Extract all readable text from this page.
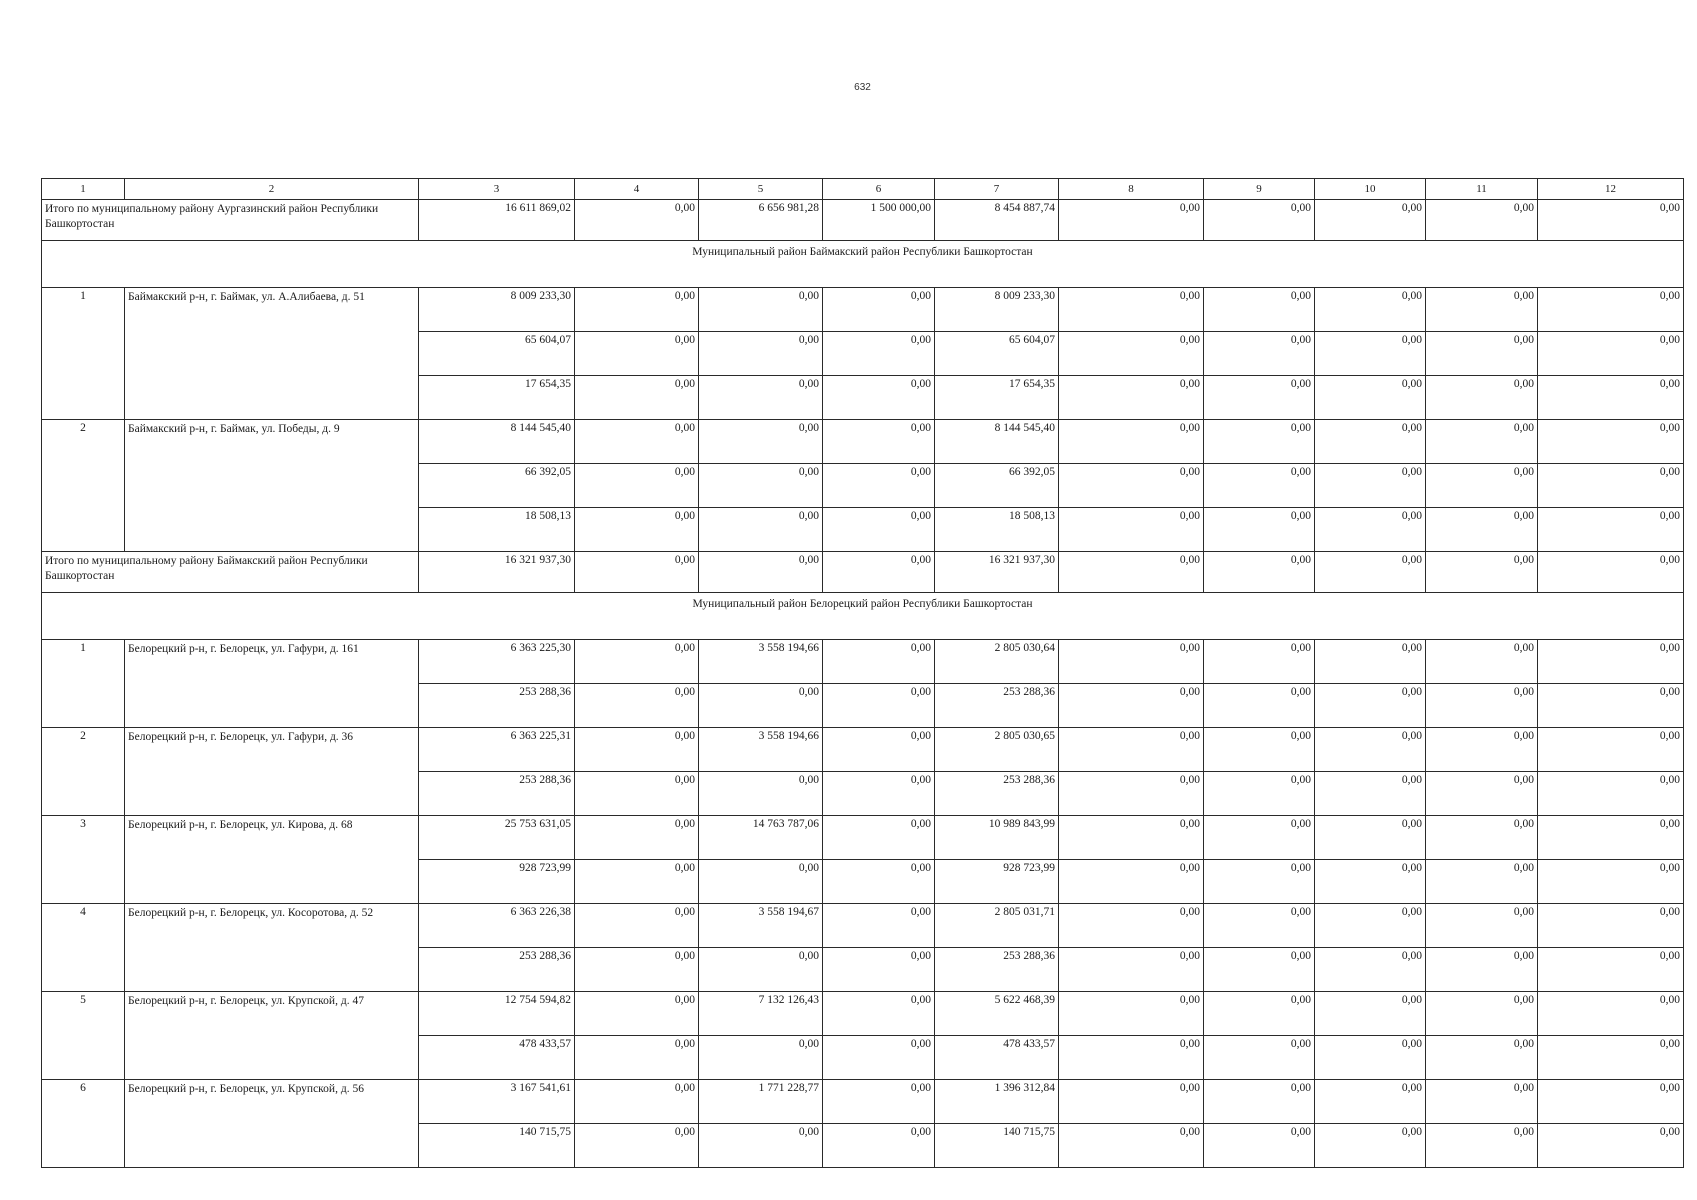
632
1	2	3	4	5	6	7	8	9	10	11	12
Итого по муниципальному району Аургазинский район Республики Башкортостан		16 611 869,02	0,00	6 656 981,28	1 500 000,00	8 454 887,74	0,00	0,00	0,00	0,00	0,00
Муниципальный район Баймакский район Республики Башкортостан											
1	Баймакский р-н, г. Баймак, ул. А.Алибаева, д. 51	8 009 233,30	0,00	0,00	0,00	8 009 233,30	0,00	0,00	0,00	0,00	0,00
		65 604,07	0,00	0,00	0,00	65 604,07	0,00	0,00	0,00	0,00	0,00
		17 654,35	0,00	0,00	0,00	17 654,35	0,00	0,00	0,00	0,00	0,00
2	Баймакский р-н, г. Баймак, ул. Победы, д. 9	8 144 545,40	0,00	0,00	0,00	8 144 545,40	0,00	0,00	0,00	0,00	0,00
		66 392,05	0,00	0,00	0,00	66 392,05	0,00	0,00	0,00	0,00	0,00
		18 508,13	0,00	0,00	0,00	18 508,13	0,00	0,00	0,00	0,00	0,00
Итого по муниципальному району Баймакский район Республики Башкортостан		16 321 937,30	0,00	0,00	0,00	16 321 937,30	0,00	0,00	0,00	0,00	0,00
Муниципальный район Белорецкий район Республики Башкортостан											
1	Белорецкий р-н, г. Белорецк, ул. Гафури, д. 161	6 363 225,30	0,00	3 558 194,66	0,00	2 805 030,64	0,00	0,00	0,00	0,00	0,00
		253 288,36	0,00	0,00	0,00	253 288,36	0,00	0,00	0,00	0,00	0,00
2	Белорецкий р-н, г. Белорецк, ул. Гафури, д. 36	6 363 225,31	0,00	3 558 194,66	0,00	2 805 030,65	0,00	0,00	0,00	0,00	0,00
		253 288,36	0,00	0,00	0,00	253 288,36	0,00	0,00	0,00	0,00	0,00
3	Белорецкий р-н, г. Белорецк, ул. Кирова, д. 68	25 753 631,05	0,00	14 763 787,06	0,00	10 989 843,99	0,00	0,00	0,00	0,00	0,00
		928 723,99	0,00	0,00	0,00	928 723,99	0,00	0,00	0,00	0,00	0,00
4	Белорецкий р-н, г. Белорецк, ул. Косоротова, д. 52	6 363 226,38	0,00	3 558 194,67	0,00	2 805 031,71	0,00	0,00	0,00	0,00	0,00
		253 288,36	0,00	0,00	0,00	253 288,36	0,00	0,00	0,00	0,00	0,00
5	Белорецкий р-н, г. Белорецк, ул. Крупской, д. 47	12 754 594,82	0,00	7 132 126,43	0,00	5 622 468,39	0,00	0,00	0,00	0,00	0,00
		478 433,57	0,00	0,00	0,00	478 433,57	0,00	0,00	0,00	0,00	0,00
6	Белорецкий р-н, г. Белорецк, ул. Крупской, д. 56	3 167 541,61	0,00	1 771 228,77	0,00	1 396 312,84	0,00	0,00	0,00	0,00	0,00
		140 715,75	0,00	0,00	0,00	140 715,75	0,00	0,00	0,00	0,00	0,00
